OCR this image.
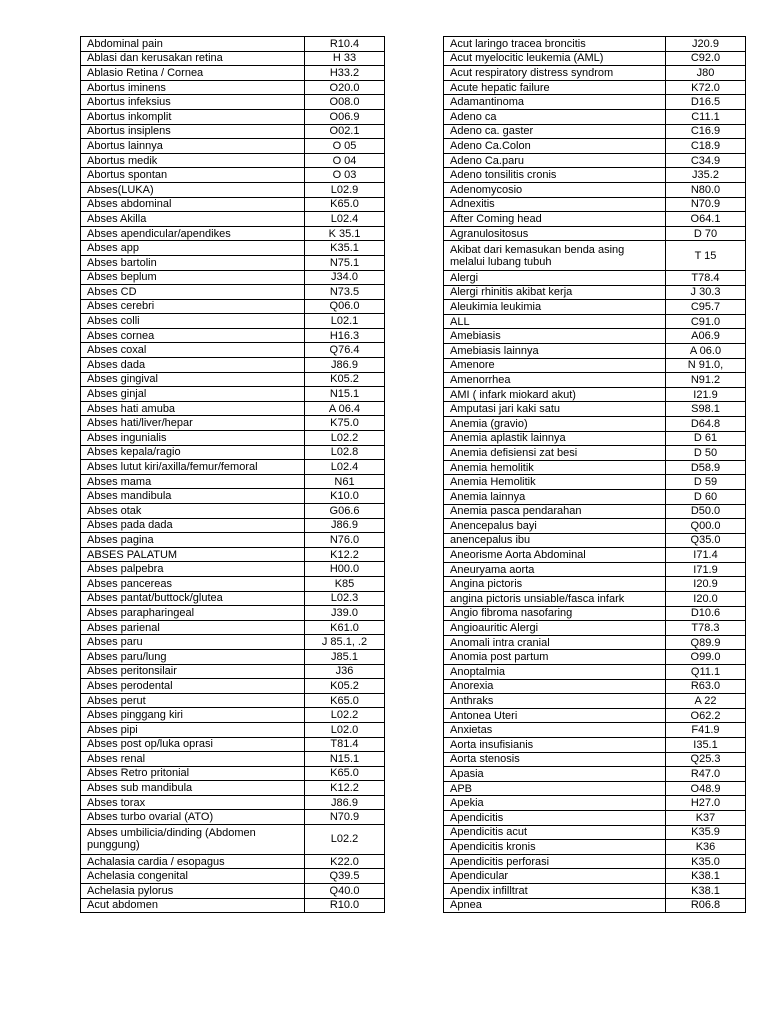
Abdominal pain	R10.4
Ablasi dan kerusakan retina	H 33
Ablasio Retina / Cornea	H33.2
Abortus iminens	O20.0
Abortus infeksius	O08.0
Abortus inkomplit	O06.9
Abortus insiplens	O02.1
Abortus lainnya	O 05
Abortus medik	O 04
Abortus spontan	O 03
Abses(LUKA)	L02.9
Abses abdominal	K65.0
Abses Akilla	L02.4
Abses apendicular/apendikes	K 35.1
Abses app	K35.1
Abses bartolin	N75.1
Abses beplum	J34.0
Abses CD	N73.5
Abses cerebri	Q06.0
Abses colli	L02.1
Abses cornea	H16.3
Abses coxal	Q76.4
Abses dada	J86.9
Abses gingival	K05.2
Abses ginjal	N15.1
Abses hati amuba	A 06.4
Abses hati/liver/hepar	K75.0
Abses ingunialis	L02.2
Abses kepala/ragio	L02.8
Abses lutut kiri/axilla/femur/femoral	L02.4
Abses mama	N61
Abses mandibula	K10.0
Abses otak	G06.6
Abses pada dada	J86.9
Abses pagina	N76.0
ABSES PALATUM	K12.2
Abses palpebra	H00.0
Abses pancereas	K85
Abses pantat/buttock/glutea	L02.3
Abses parapharingeal	J39.0
Abses parienal	K61.0
Abses paru	J 85.1, .2
Abses paru/lung	J85.1
Abses peritonsilair	J36
Abses perodental	K05.2
Abses perut	K65.0
Abses pinggang kiri	L02.2
Abses pipi	L02.0
Abses post op/luka oprasi	T81.4
Abses renal	N15.1
Abses Retro pritonial	K65.0
Abses sub mandibula	K12.2
Abses torax	J86.9
Abses turbo ovarial (ATO)	N70.9
Abses umbilicia/dinding (Abdomen punggung)	L02.2
Achalasia cardia / esopagus	K22.0
Achelasia congenital	Q39.5
Achelasia pylorus	Q40.0
Acut abdomen	R10.0
Acut laringo tracea broncitis	J20.9
Acut myelocitic leukemia (AML)	C92.0
Acut respiratory distress syndrom	J80
Acute hepatic failure	K72.0
Adamantinoma	D16.5
Adeno ca	C11.1
Adeno ca. gaster	C16.9
Adeno Ca.Colon	C18.9
Adeno Ca.paru	C34.9
Adeno tonsilitis cronis	J35.2
Adenomycosio	N80.0
Adnexitis	N70.9
After Coming head	O64.1
Agranulositosus	D 70
Akibat dari kemasukan benda asing melalui lubang tubuh	T 15
Alergi	T78.4
Alergi rhinitis akibat kerja	J 30.3
Aleukimia leukimia	C95.7
ALL	C91.0
Amebiasis	A06.9
Amebiasis lainnya	A 06.0
Amenore	N 91.0,
Amenorrhea	N91.2
AMI ( infark miokard akut)	I21.9
Amputasi jari kaki satu	S98.1
Anemia (gravio)	D64.8
Anemia aplastik lainnya	D 61
Anemia defisiensi zat besi	D 50
Anemia hemolitik	D58.9
Anemia Hemolitik	D 59
Anemia lainnya	D 60
Anemia pasca pendarahan	D50.0
Anencepalus bayi	Q00.0
anencepalus ibu	Q35.0
Aneorisme Aorta Abdominal	I71.4
Aneuryama aorta	I71.9
Angina pictoris	I20.9
angina pictoris unsiable/fasca infark	I20.0
Angio fibroma nasofaring	D10.6
Angioauritic Alergi	T78.3
Anomali intra cranial	Q89.9
Anomia post partum	O99.0
Anoptalmia	Q11.1
Anorexia	R63.0
Anthraks	A 22
Antonea Uteri	O62.2
Anxietas	F41.9
Aorta insufisianis	I35.1
Aorta stenosis	Q25.3
Apasia	R47.0
APB	O48.9
Apekia	H27.0
Apendicitis	K37
Apendicitis acut	K35.9
Apendicitis kronis	K36
Apendicitis perforasi	K35.0
Apendicular	K38.1
Apendix infilltrat	K38.1
Apnea	R06.8
